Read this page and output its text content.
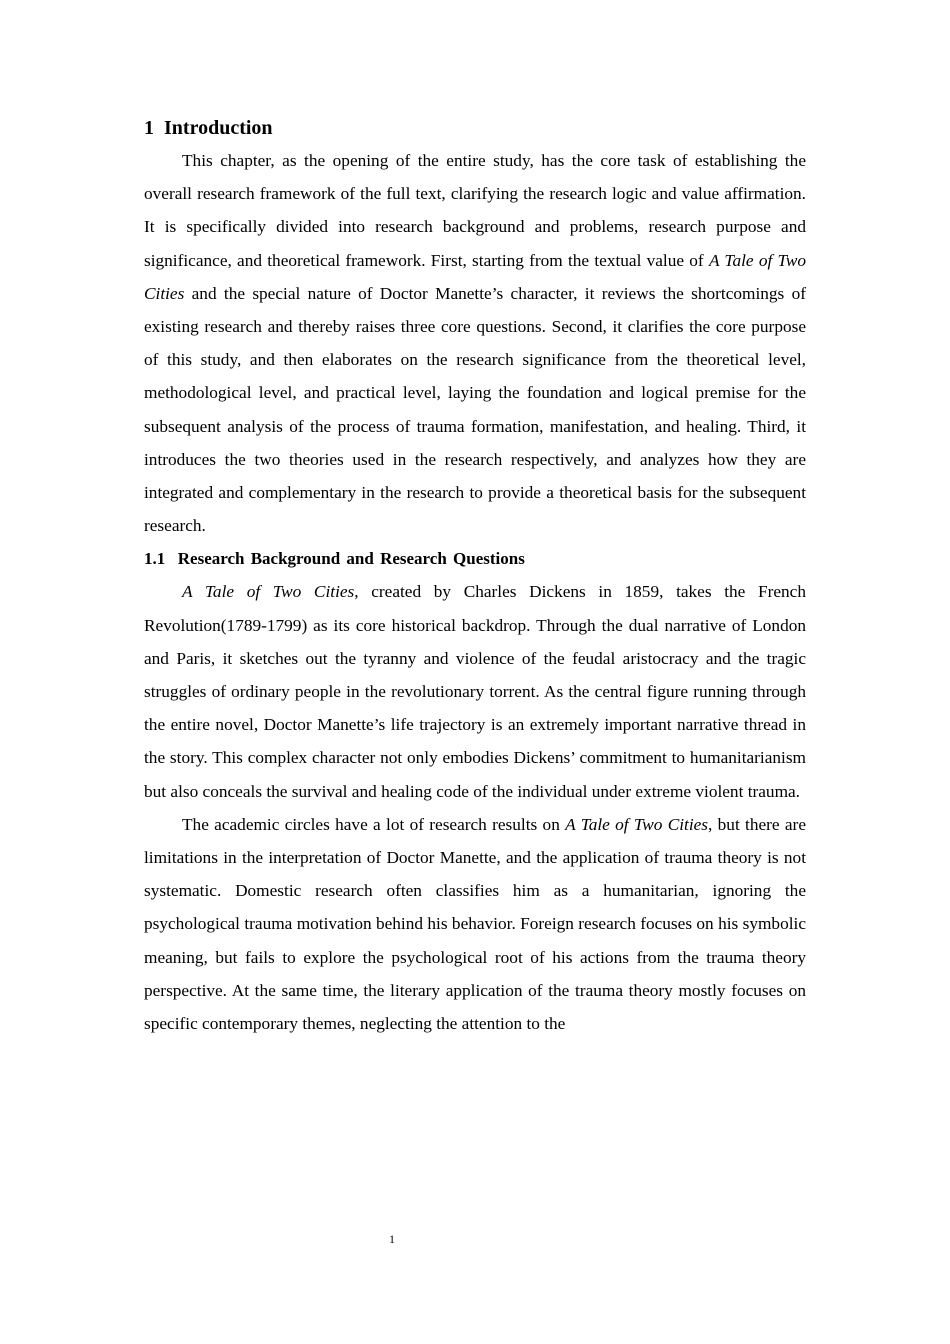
1 Introduction

This chapter, as the opening of the entire study, has the core task of establishing the overall research framework of the full text, clarifying the research logic and value affirmation. It is specifically divided into research background and problems, research purpose and significance, and theoretical framework. First, starting from the textual value of A Tale of Two Cities and the special nature of Doctor Manette’s character, it reviews the shortcomings of existing research and thereby raises three core questions. Second, it clarifies the core purpose of this study, and then elaborates on the research significance from the theoretical level, methodological level, and practical level, laying the foundation and logical premise for the subsequent analysis of the process of trauma formation, manifestation, and healing. Third, it introduces the two theories used in the research respectively, and analyzes how they are integrated and complementary in the research to provide a theoretical basis for the subsequent research.

1.1 Research Background and Research Questions

A Tale of Two Cities, created by Charles Dickens in 1859, takes the French Revolution(1789-1799) as its core historical backdrop. Through the dual narrative of London and Paris, it sketches out the tyranny and violence of the feudal aristocracy and the tragic struggles of ordinary people in the revolutionary torrent. As the central figure running through the entire novel, Doctor Manette’s life trajectory is an extremely important narrative thread in the story. This complex character not only embodies Dickens’ commitment to humanitarianism but also conceals the survival and healing code of the individual under extreme violent trauma.

The academic circles have a lot of research results on A Tale of Two Cities, but there are limitations in the interpretation of Doctor Manette, and the application of trauma theory is not systematic. Domestic research often classifies him as a humanitarian, ignoring the psychological trauma motivation behind his behavior. Foreign research focuses on his symbolic meaning, but fails to explore the psychological root of his actions from the trauma theory perspective. At the same time, the literary application of the trauma theory mostly focuses on specific contemporary themes, neglecting the attention to the

1
